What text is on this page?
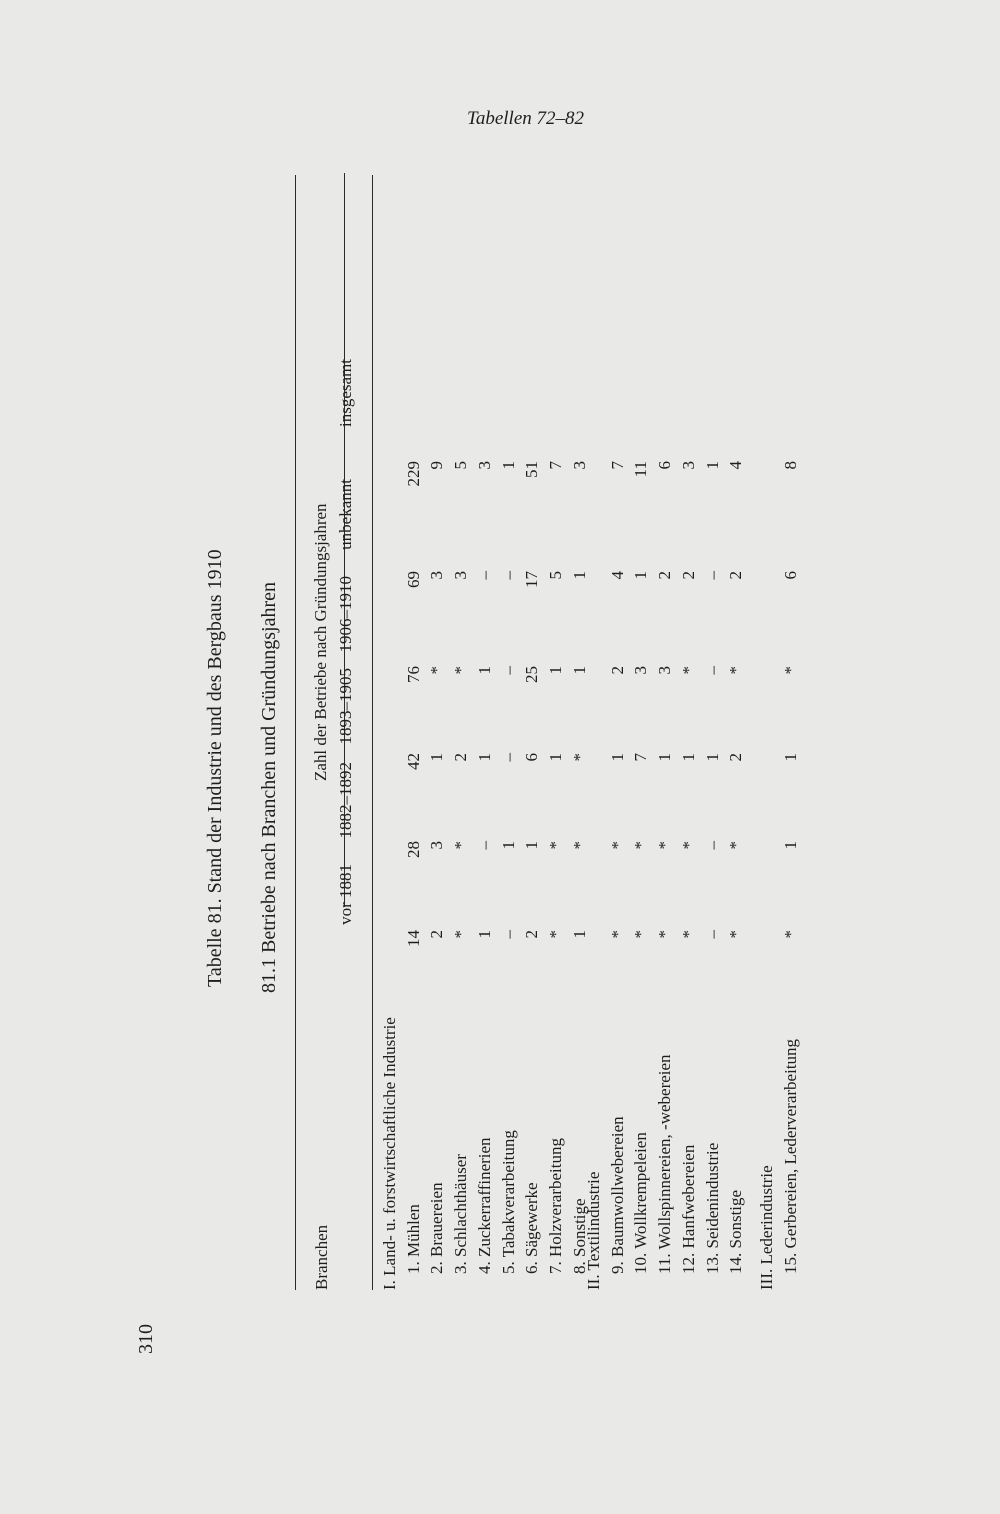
Tabellen 72–82
310
Tabelle 81. Stand der Industrie und des Bergbaus 1910 81.1 Betriebe nach Branchen und Gründungsjahren
Branchen
Zahl der Betriebe nach Gründungsjahren
vor 1881
1882–1892
1893–1905
1906–1910
unbekannt
insgesamt
I. Land- u. forstwirtschaftliche Industrie 1. Mühlen
14
28
42
76
69
229
2. Brauereien
2
3
1
*
3
9
3. Schlachthäuser
*
*
2
*
3
5
4. Zuckerraffinerien
1
–
1
1
–
3
5. Tabakverarbeitung
–
1
–
–
–
1
6. Sägewerke
2
1
6
25
17
51
7. Holzverarbeitung
*
*
1
1
5
7
8. Sonstige
1
*
*
1
1
3
II. Textilindustrie 9. Baumwollwebereien
*
*
1
2
4
7
10. Wollkrempeleien
*
*
7
3
1
11
11. Wollspinnereien, -webereien
*
*
1
3
2
6
12. Hanfwebereien
*
*
1
*
2
3
13. Seidenindustrie
–
–
1
–
–
1
14. Sonstige
*
*
2
*
2
4
III. Lederindustrie 15. Gerbereien, Lederverarbeitung
*
1
1
*
6
8
